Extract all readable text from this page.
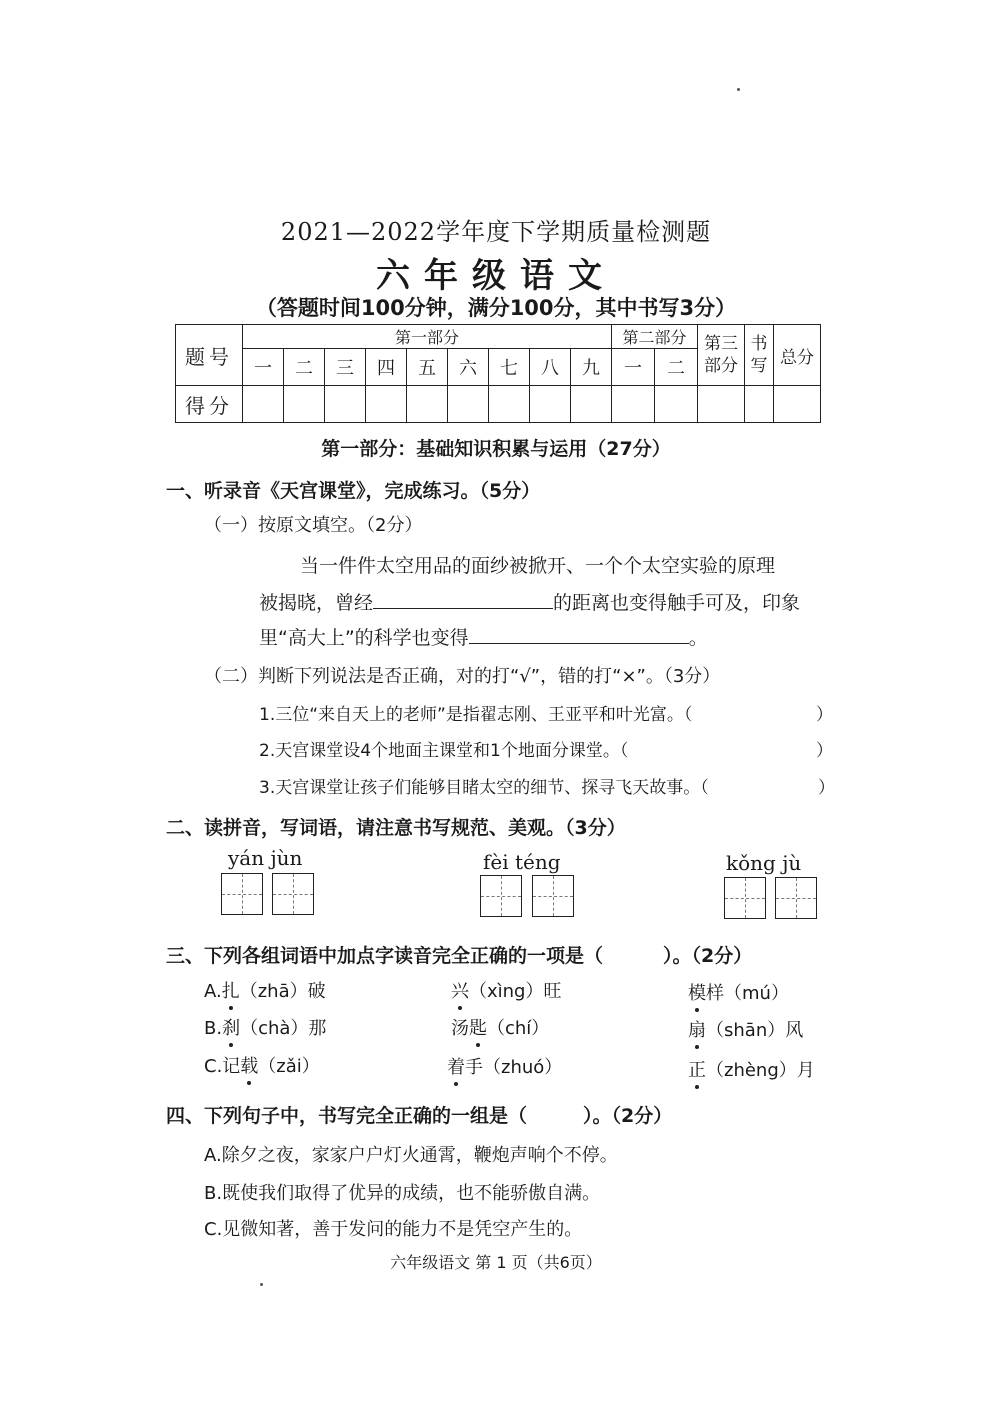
2021—2022学年度下学期质量检测题
六年级语文
（答题时间100分钟，满分100分，其中书写3分）
题号	第一部分									第二部分		第三部分	书写	总分
	一	二	三	四	五	六	七	八	九	一	二			
得分														
第一部分：基础知识积累与运用（27分）
一、听录音《天宫课堂》，完成练习。（5分）
（一）按原文填空。（2分）
当一件件太空用品的面纱被掀开、一个个太空实验的原理
被揭晓，曾经	的距离也变得触手可及，印象
里“高大上”的科学也变得	。
（二）判断下列说法是否正确，对的打“√”，错的打“×”。（3分）
1.三位“来自天上的老师”是指翟志刚、王亚平和叶光富。（	）
2.天宫课堂设4个地面主课堂和1个地面分课堂。（	）
3.天宫课堂让孩子们能够目睹太空的细节、探寻飞天故事。（	）
二、读拼音，写词语，请注意书写规范、美观。（3分）
yán jùn	fèi téng	kǒng jù
三、下列各组词语中加点字读音完全正确的一项是（	）。（2分）
A.扎（zhā）破	兴（xìng）旺	模样（mú）
B.刹（chà）那	汤匙（chí）	扇（shān）风
C.记载（zǎi）	着手（zhuó）	正（zhèng）月
四、下列句子中，书写完全正确的一组是（	）。（2分）
A.除夕之夜，家家户户灯火通霄，鞭炮声响个不停。
B.既使我们取得了优异的成绩，也不能骄傲自满。
C.见微知著，善于发问的能力不是凭空产生的。
六年级语文 第 1 页（共6页）
